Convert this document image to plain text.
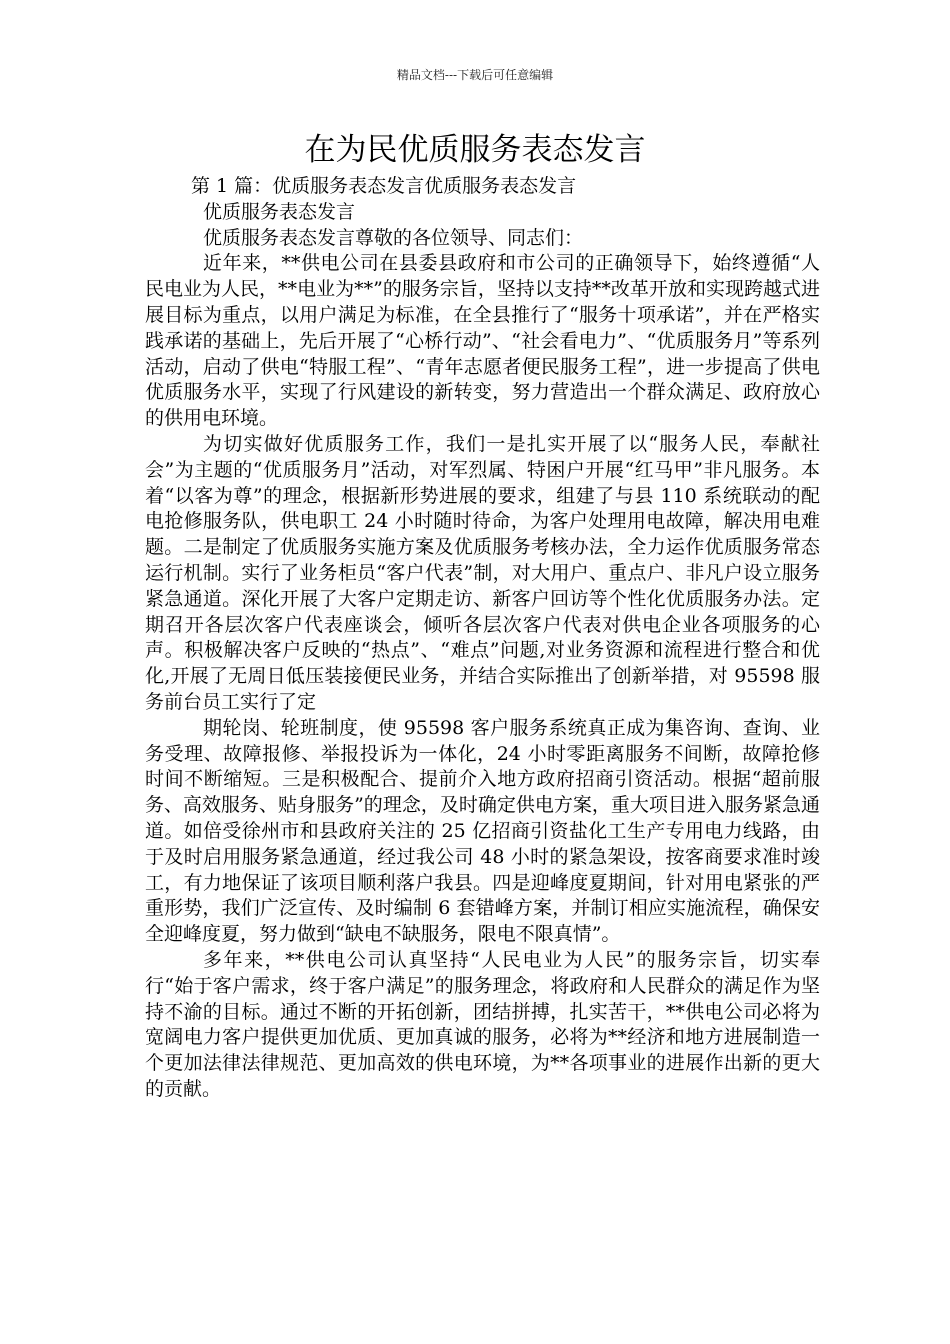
精品文档---下载后可任意编辑
在为民优质服务表态发言

第 1 篇：优质服务表态发言优质服务表态发言

优质服务表态发言

优质服务表态发言尊敬的各位领导、同志们：

近年来，**供电公司在县委县政府和市公司的正确领导下，始终遵循“人民电业为人民，**电业为**”的服务宗旨，坚持以支持**改革开放和实现跨越式进展目标为重点，以用户满足为标准，在全县推行了“服务十项承诺”，并在严格实践承诺的基础上，先后开展了“心桥行动”、“社会看电力”、“优质服务月”等系列活动，启动了供电“特服工程”、“青年志愿者便民服务工程”，进一步提高了供电优质服务水平，实现了行风建设的新转变，努力营造出一个群众满足、政府放心的供用电环境。

为切实做好优质服务工作，我们一是扎实开展了以“服务人民，奉献社会”为主题的“优质服务月”活动，对军烈属、特困户开展“红马甲”非凡服务。本着“以客为尊”的理念，根据新形势进展的要求，组建了与县 110 系统联动的配电抢修服务队，供电职工 24 小时随时待命，为客户处理用电故障，解决用电难题。二是制定了优质服务实施方案及优质服务考核办法，全力运作优质服务常态运行机制。实行了业务柜员“客户代表”制，对大用户、重点户、非凡户设立服务紧急通道。深化开展了大客户定期走访、新客户回访等个性化优质服务办法。定期召开各层次客户代表座谈会，倾听各层次客户代表对供电企业各项服务的心声。积极解决客户反映的“热点”、“难点”问题,对业务资源和流程进行整合和优化,开展了无周日低压装接便民业务，并结合实际推出了创新举措，对 95598 服务前台员工实行了定

期轮岗、轮班制度，使 95598 客户服务系统真正成为集咨询、查询、业务受理、故障报修、举报投诉为一体化，24 小时零距离服务不间断，故障抢修时间不断缩短。三是积极配合、提前介入地方政府招商引资活动。根据“超前服务、高效服务、贴身服务”的理念，及时确定供电方案，重大项目进入服务紧急通道。如倍受徐州市和县政府关注的 25 亿招商引资盐化工生产专用电力线路，由于及时启用服务紧急通道，经过我公司 48 小时的紧急架设，按客商要求准时竣工，有力地保证了该项目顺利落户我县。四是迎峰度夏期间，针对用电紧张的严重形势，我们广泛宣传、及时编制 6 套错峰方案，并制订相应实施流程，确保安全迎峰度夏，努力做到“缺电不缺服务，限电不限真情”。

多年来，**供电公司认真坚持“人民电业为人民”的服务宗旨，切实奉行“始于客户需求，终于客户满足”的服务理念，将政府和人民群众的满足作为坚持不渝的目标。通过不断的开拓创新，团结拼搏，扎实苦干，**供电公司必将为宽阔电力客户提供更加优质、更加真诚的服务，必将为**经济和地方进展制造一个更加法律法律规范、更加高效的供电环境，为**各项事业的进展作出新的更大的贡献。
